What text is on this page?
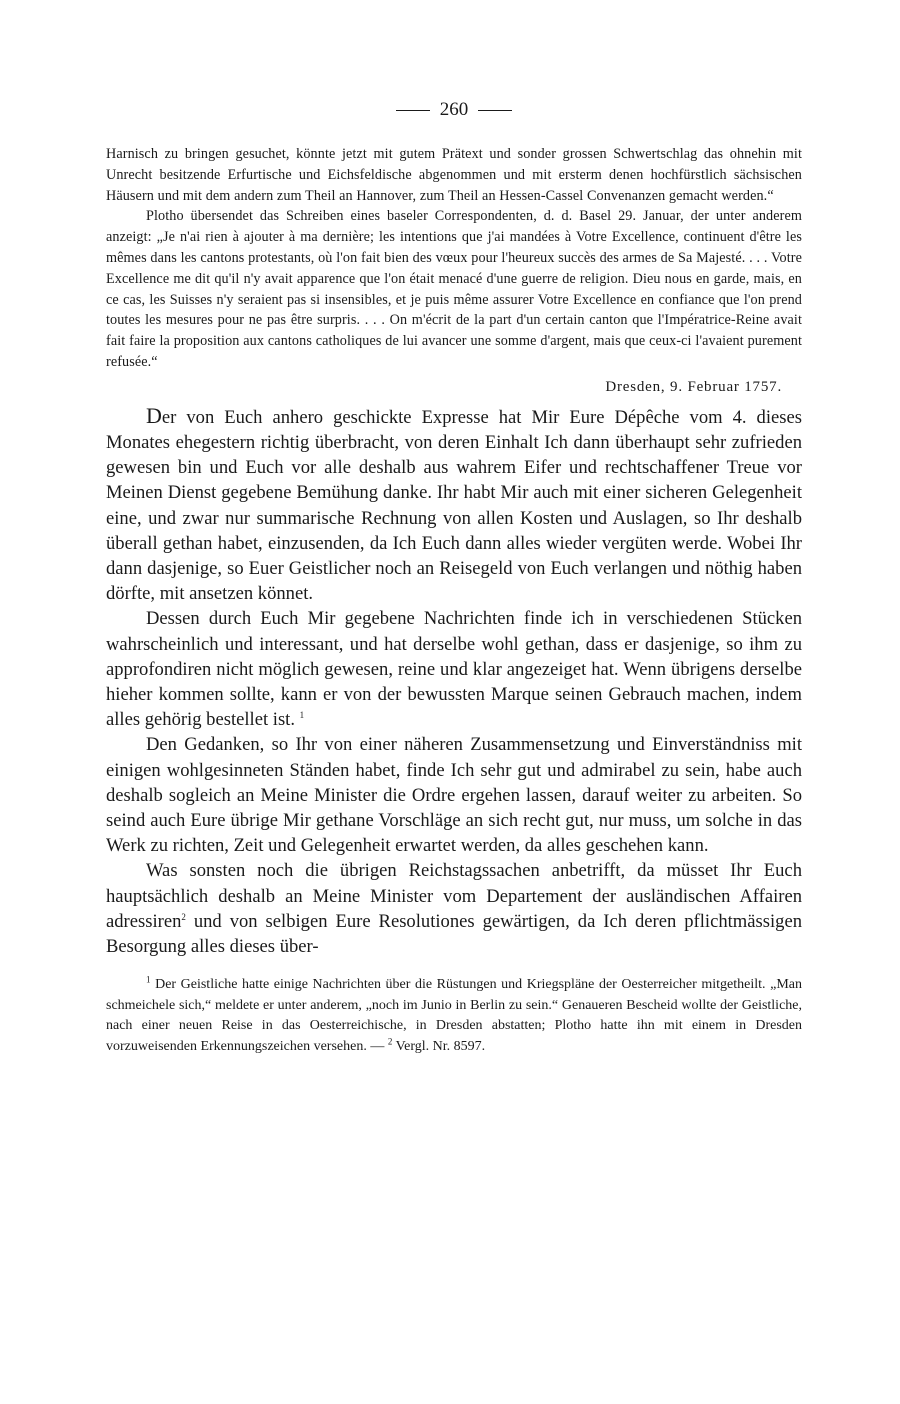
260

Harnisch zu bringen gesuchet, könnte jetzt mit gutem Prätext und sonder grossen Schwertschlag das ohnehin mit Unrecht besitzende Erfurtische und Eichsfeldische abgenommen und mit ersterm denen hochfürstlich sächsischen Häusern und mit dem andern zum Theil an Hannover, zum Theil an Hessen-Cassel Convenanzen gemacht werden.“

Plotho übersendet das Schreiben eines baseler Correspondenten, d. d. Basel 29. Januar, der unter anderem anzeigt: „Je n'ai rien à ajouter à ma dernière; les intentions que j'ai mandées à Votre Excellence, continuent d'être les mêmes dans les cantons protestants, où l'on fait bien des vœux pour l'heureux succès des armes de Sa Majesté. . . . Votre Excellence me dit qu'il n'y avait apparence que l'on était menacé d'une guerre de religion. Dieu nous en garde, mais, en ce cas, les Suisses n'y seraient pas si insensibles, et je puis même assurer Votre Excellence en confiance que l'on prend toutes les mesures pour ne pas être surpris. . . . On m'écrit de la part d'un certain canton que l'Impératrice-Reine avait fait faire la proposition aux cantons catholiques de lui avancer une somme d'argent, mais que ceux-ci l'avaient purement refusée.“

Dresden, 9. Februar 1757.

Der von Euch anhero geschickte Expresse hat Mir Eure Dépêche vom 4. dieses Monates ehegestern richtig überbracht, von deren Einhalt Ich dann überhaupt sehr zufrieden gewesen bin und Euch vor alle deshalb aus wahrem Eifer und rechtschaffener Treue vor Meinen Dienst gegebene Bemühung danke. Ihr habt Mir auch mit einer sicheren Gelegenheit eine, und zwar nur summarische Rechnung von allen Kosten und Auslagen, so Ihr deshalb überall gethan habet, einzusenden, da Ich Euch dann alles wieder vergüten werde. Wobei Ihr dann dasjenige, so Euer Geistlicher noch an Reisegeld von Euch verlangen und nöthig haben dörfte, mit ansetzen könnet.

Dessen durch Euch Mir gegebene Nachrichten finde ich in verschiedenen Stücken wahrscheinlich und interessant, und hat derselbe wohl gethan, dass er dasjenige, so ihm zu approfondiren nicht möglich gewesen, reine und klar angezeiget hat. Wenn übrigens derselbe hieher kommen sollte, kann er von der bewussten Marque seinen Gebrauch machen, indem alles gehörig bestellet ist. $^1$

Den Gedanken, so Ihr von einer näheren Zusammensetzung und Einverständniss mit einigen wohlgesinneten Ständen habet, finde Ich sehr gut und admirabel zu sein, habe auch deshalb sogleich an Meine Minister die Ordre ergehen lassen, darauf weiter zu arbeiten. So seind auch Eure übrige Mir gethane Vorschläge an sich recht gut, nur muss, um solche in das Werk zu richten, Zeit und Gelegenheit erwartet werden, da alles geschehen kann.

Was sonsten noch die übrigen Reichstagssachen anbetrifft, da müsset Ihr Euch hauptsächlich deshalb an Meine Minister vom Departement der ausländischen Affairen adressiren$^2$ und von selbigen Eure Resolutiones gewärtigen, da Ich deren pflichtmässigen Besorgung alles dieses über-

$^1$ Der Geistliche hatte einige Nachrichten über die Rüstungen und Kriegspläne der Oesterreicher mitgetheilt. „Man schmeichele sich,“ meldete er unter anderem, „noch im Junio in Berlin zu sein.“ Genaueren Bescheid wollte der Geistliche, nach einer neuen Reise in das Oesterreichische, in Dresden abstatten; Plotho hatte ihn mit einem in Dresden vorzuweisenden Erkennungszeichen versehen. — $^2$ Vergl. Nr. 8597.
